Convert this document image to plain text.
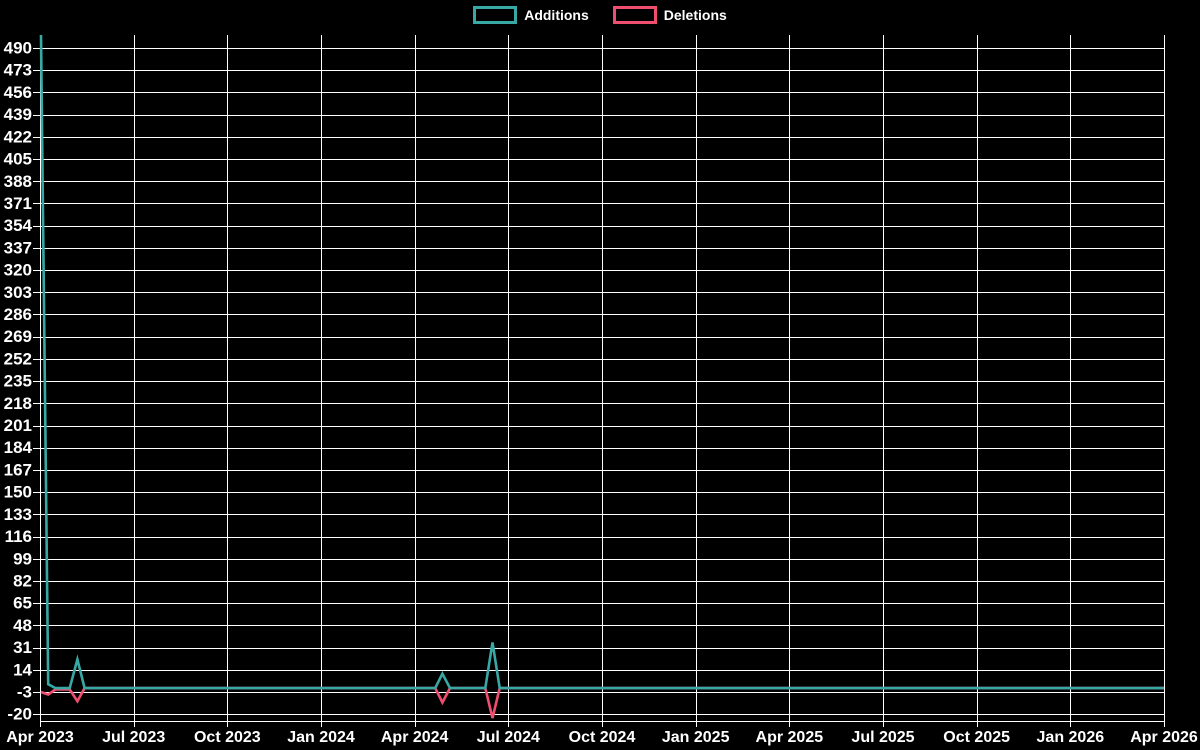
Additions	Deletions
490
473
456
439
422
405
388
371
354
337
320
303
286
269
252
235
218
201
184
167
150
133
116
99
82
65
48
31
14
-3
-20
Apr 2023 Jul 2023 Oct 2023 Jan 2024 Apr 2024 Jul 2024 Oct 2024 Jan 2025 Apr 2025 Jul 2025 Oct 2025 Jan 2026 Apr 2026
